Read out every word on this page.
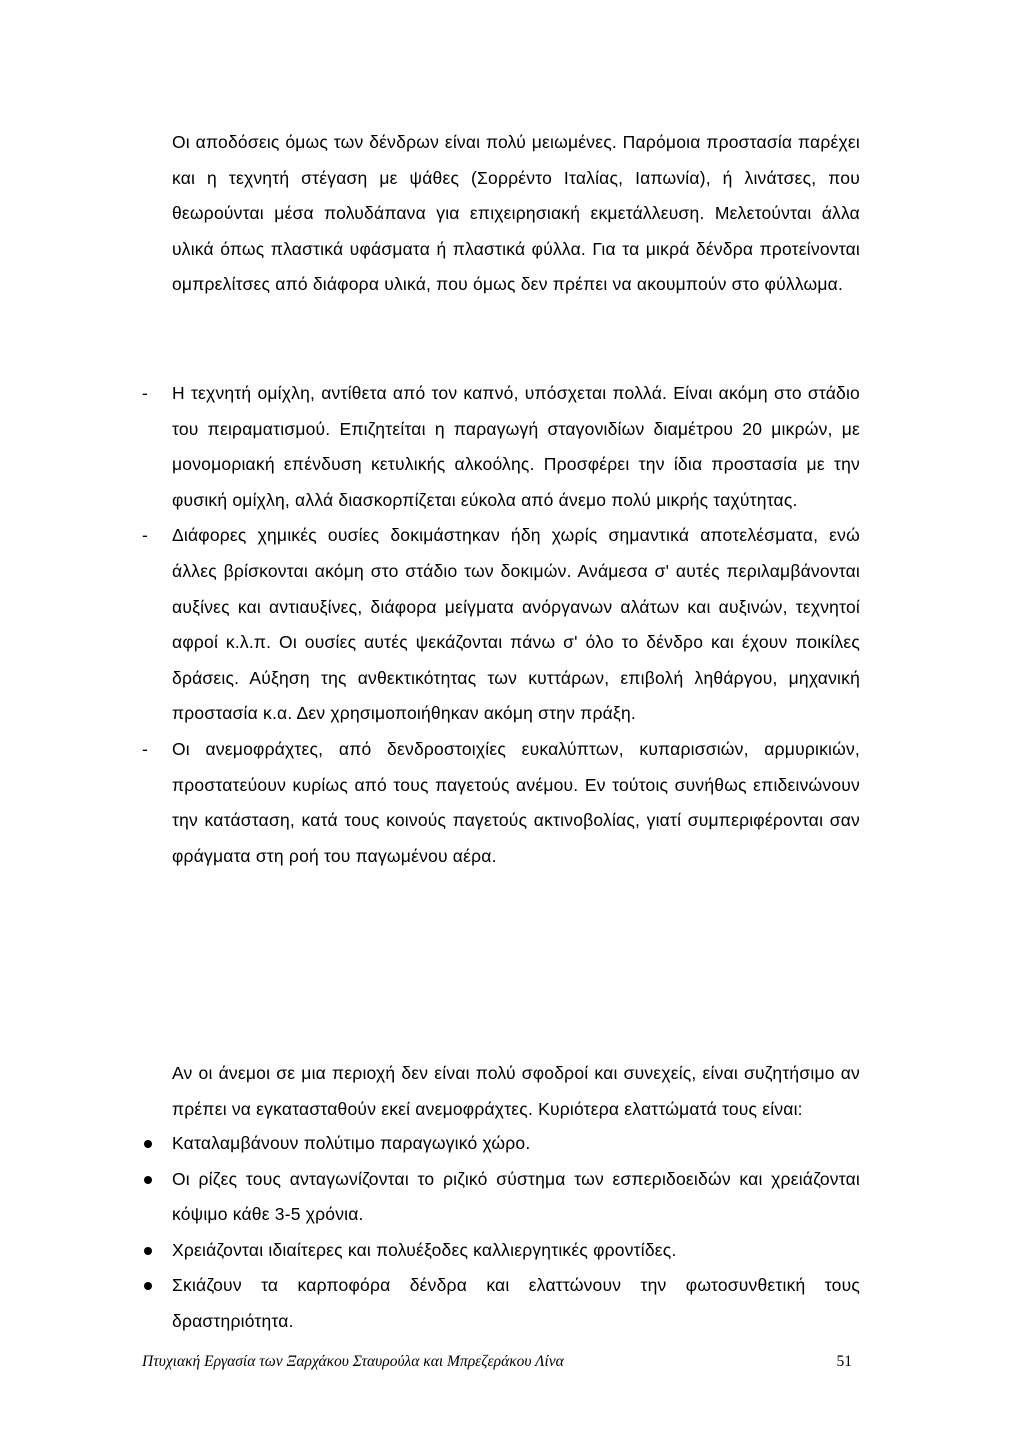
Οι αποδόσεις όμως των δένδρων είναι πολύ μειωμένες. Παρόμοια προστασία παρέχει και η τεχνητή στέγαση με ψάθες (Σορρέντο Ιταλίας, Ιαπωνία), ή λινάτσες, που θεωρούνται μέσα πολυδάπανα για επιχειρησιακή εκμετάλλευση. Μελετούνται άλλα υλικά όπως πλαστικά υφάσματα ή πλαστικά φύλλα. Για τα μικρά δένδρα προτείνονται ομπρελίτσες από διάφορα υλικά, που όμως δεν πρέπει να ακουμπούν στο φύλλωμα.

-	Η τεχνητή ομίχλη, αντίθετα από τον καπνό, υπόσχεται πολλά. Είναι ακόμη στο στάδιο του πειραματισμού. Επιζητείται η παραγωγή σταγονιδίων διαμέτρου 20 μικρών, με μονομοριακή επένδυση κετυλικής αλκοόλης. Προσφέρει την ίδια προστασία με την φυσική ομίχλη, αλλά διασκορπίζεται εύκολα από άνεμο πολύ μικρής ταχύτητας.
-	Διάφορες χημικές ουσίες δοκιμάστηκαν ήδη χωρίς σημαντικά αποτελέσματα, ενώ άλλες βρίσκονται ακόμη στο στάδιο των δοκιμών. Ανάμεσα σ' αυτές περιλαμβάνονται αυξίνες και αντιαυξίνες, διάφορα μείγματα ανόργανων αλάτων και αυξινών, τεχνητοί αφροί κ.λ.π. Οι ουσίες αυτές ψεκάζονται πάνω σ' όλο το δένδρο και έχουν ποικίλες δράσεις. Αύξηση της ανθεκτικότητας των κυττάρων, επιβολή ληθάργου, μηχανική προστασία κ.α. Δεν χρησιμοποιήθηκαν ακόμη στην πράξη.
-	Οι ανεμοφράχτες, από δενδροστοιχίες ευκαλύπτων, κυπαρισσιών, αρμυρικιών, προστατεύουν κυρίως από τους παγετούς ανέμου. Εν τούτοις συνήθως επιδεινώνουν την κατάσταση, κατά τους κοινούς παγετούς ακτινοβολίας, γιατί συμπεριφέρονται σαν φράγματα στη ροή του παγωμένου αέρα.

Αν οι άνεμοι σε μια περιοχή δεν είναι πολύ σφοδροί και συνεχείς, είναι συζητήσιμο αν πρέπει να εγκατασταθούν εκεί ανεμοφράχτες. Κυριότερα ελαττώματά τους είναι:

Καταλαμβάνουν πολύτιμο παραγωγικό χώρο.
Οι ρίζες τους ανταγωνίζονται το ριζικό σύστημα των εσπεριδοειδών και χρειάζονται κόψιμο κάθε 3-5 χρόνια.
Χρειάζονται ιδιαίτερες και πολυέξοδες καλλιεργητικές φροντίδες.
Σκιάζουν τα καρποφόρα δένδρα και ελαττώνουν την φωτοσυνθετική τους δραστηριότητα.
Πτυχιακή Εργασία των Ξαρχάκου Σταυρούλα και Μπρεζεράκου Λίνα	51
